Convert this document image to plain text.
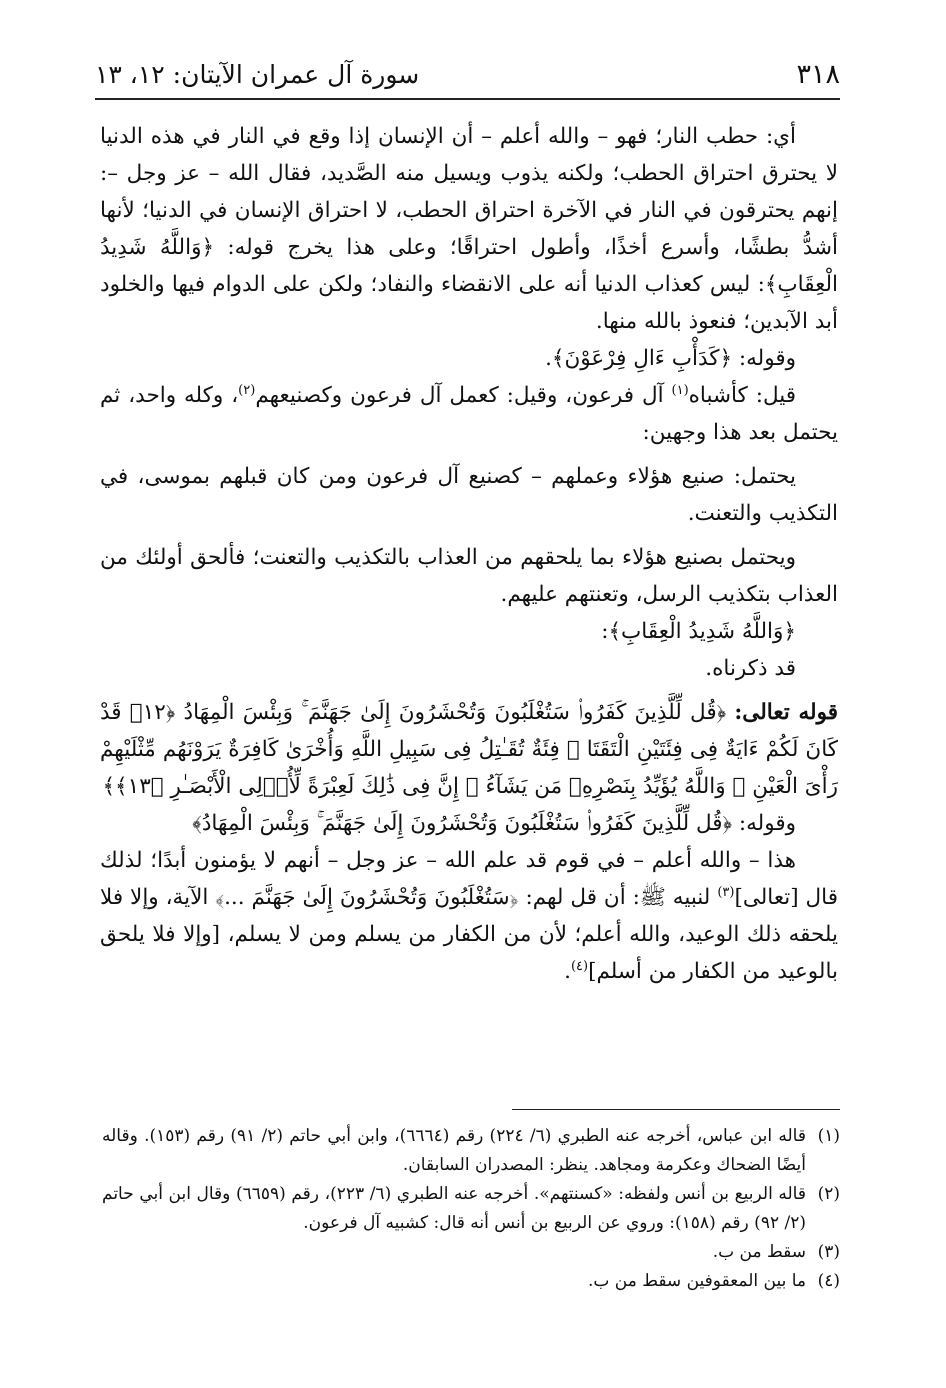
٣١٨
سورة آل عمران الآيتان: ١٢، ١٣

أي: حطب النار؛ فهو – والله أعلم – أن الإنسان إذا وقع في النار في هذه الدنيا لا يحترق احتراق الحطب؛ ولكنه يذوب ويسيل منه الصَّديد، فقال الله – عز وجل –: إنهم يحترقون في النار في الآخرة احتراق الحطب، لا احتراق الإنسان في الدنيا؛ لأنها أشدُّ بطشًا، وأسرع أخذًا، وأطول احتراقًا؛ وعلى هذا يخرج قوله: ﴿وَاللَّهُ شَدِيدُ الْعِقَابِ﴾: ليس كعذاب الدنيا أنه على الانقضاء والنفاد؛ ولكن على الدوام فيها والخلود أبد الآبدين؛ فنعوذ بالله منها.

وقوله: ﴿كَدَأْبِ ءَالِ فِرْعَوْنَ﴾.

قيل: كأشباه$^{(١)}$ آل فرعون، وقيل: كعمل آل فرعون وكصنيعهم$^{(٢)}$، وكله واحد، ثم يحتمل بعد هذا وجهين:

يحتمل: صنيع هؤلاء وعملهم – كصنيع آل فرعون ومن كان قبلهم بموسى، في التكذيب والتعنت.

ويحتمل بصنيع هؤلاء بما يلحقهم من العذاب بالتكذيب والتعنت؛ فألحق أولئك من العذاب بتكذيب الرسل، وتعنتهم عليهم.

﴿وَاللَّهُ شَدِيدُ الْعِقَابِ﴾:

قد ذكرناه.

قوله تعالى: ﴿قُل لِّلَّذِينَ كَفَرُوا۟ سَتُغْلَبُونَ وَتُحْشَرُونَ إِلَىٰ جَهَنَّمَ ۚ وَبِئْسَ الْمِهَادُ ﴿١٢﴾ قَدْ كَانَ لَكُمْ ءَايَةٌ فِى فِئَتَيْنِ الْتَقَتَا ۖ فِئَةٌ تُقَـٰتِلُ فِى سَبِيلِ اللَّهِ وَأُخْرَىٰ كَافِرَةٌ يَرَوْنَهُم مِّثْلَيْهِمْ رَأْىَ الْعَيْنِ ۚ وَاللَّهُ يُؤَيِّدُ بِنَصْرِهِۦ مَن يَشَآءُ ۗ إِنَّ فِى ذَٰلِكَ لَعِبْرَةً لِّأُو۟لِى الْأَبْصَـٰرِ ﴿١٣﴾﴾

وقوله: ﴿قُل لِّلَّذِينَ كَفَرُوا۟ سَتُغْلَبُونَ وَتُحْشَرُونَ إِلَىٰ جَهَنَّمَ ۚ وَبِئْسَ الْمِهَادُ﴾

هذا – والله أعلم – في قوم قد علم الله – عز وجل – أنهم لا يؤمنون أبدًا؛ لذلك قال [تعالى]$^{(٣)}$ لنبيه ﷺ: أن قل لهم: ﴿سَتُغْلَبُونَ وَتُحْشَرُونَ إِلَىٰ جَهَنَّمَ ...﴾ الآية، وإلا فلا يلحقه ذلك الوعيد، والله أعلم؛ لأن من الكفار من يسلم ومن لا يسلم، [وإلا فلا يلحق بالوعيد من الكفار من أسلم]$^{(٤)}$.

(١)
قاله ابن عباس، أخرجه عنه الطبري (٦/ ٢٢٤) رقم (٦٦٦٤)، وابن أبي حاتم (٢/ ٩١) رقم (١٥٣). وقاله أيضًا الضحاك وعكرمة ومجاهد. ينظر: المصدران السابقان.
(٢)
قاله الربيع بن أنس ولفظه: «كسنتهم». أخرجه عنه الطبري (٦/ ٢٢٣)، رقم (٦٦٥٩) وقال ابن أبي حاتم (٢/ ٩٢) رقم (١٥٨): وروي عن الربيع بن أنس أنه قال: كشبيه آل فرعون.
(٣)
سقط من ب.
(٤)
ما بين المعقوفين سقط من ب.
